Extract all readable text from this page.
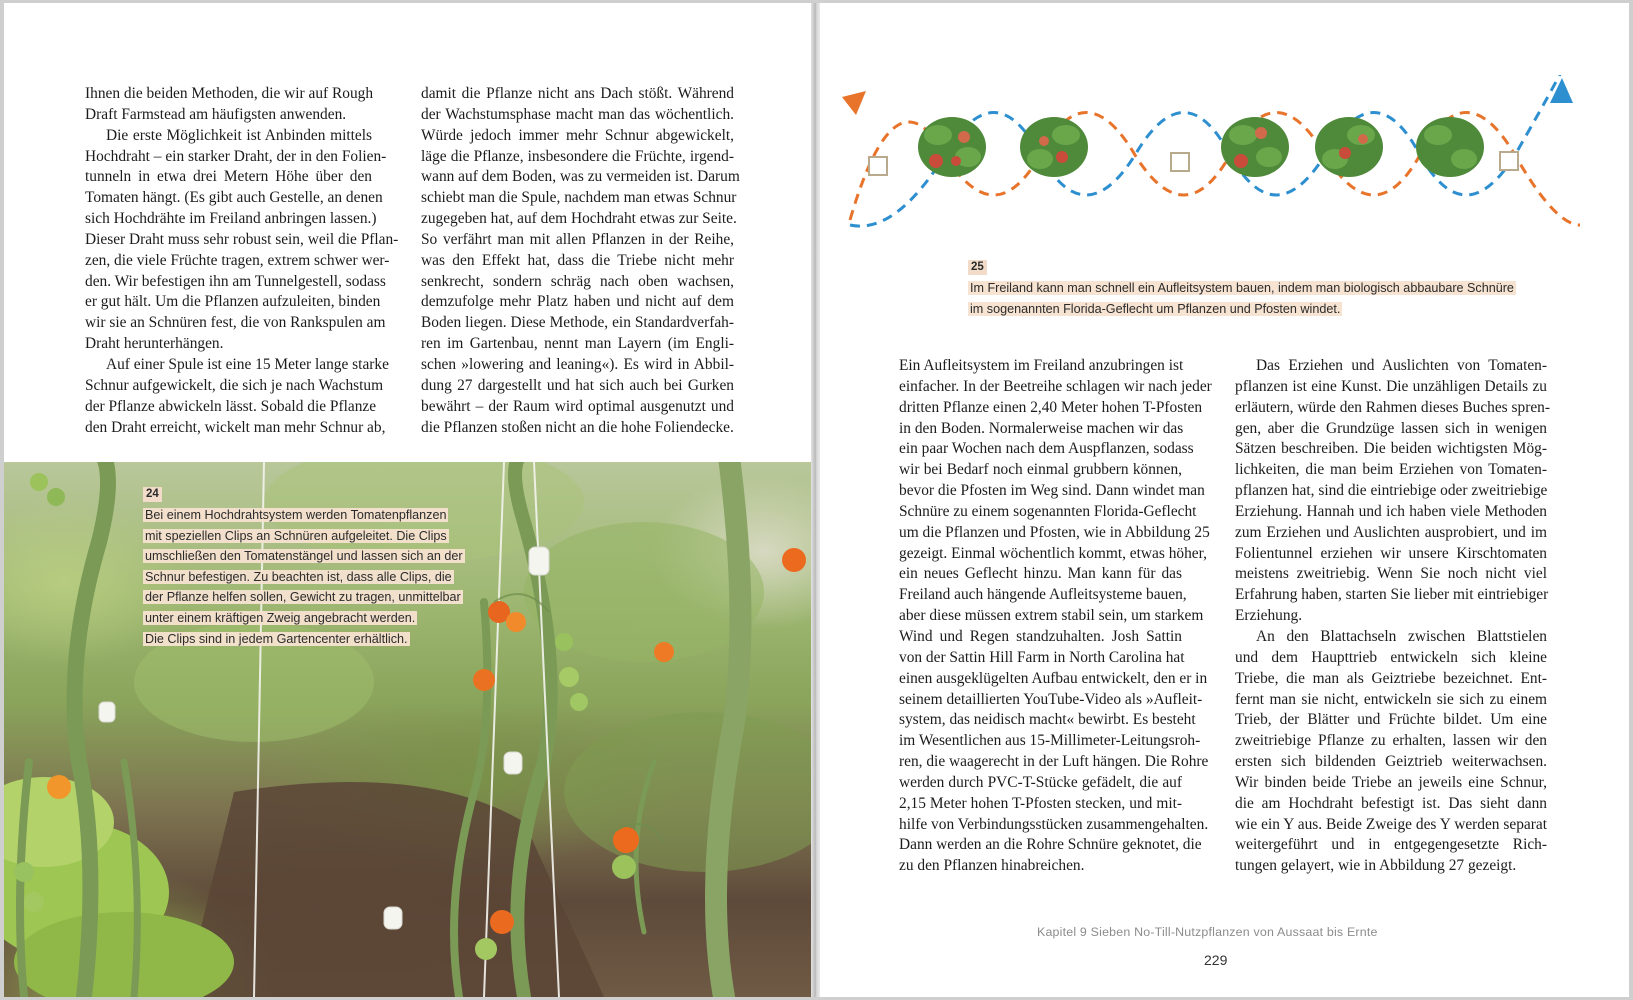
Ihnen die beiden Methoden, die wir auf Rough
Draft Farmstead am häufigsten anwenden.

Die erste Möglichkeit ist Anbinden mittels
Hochdraht – ein starker Draht, der in den Folien-
tunneln in etwa drei Metern Höhe über den
Tomaten hängt. (Es gibt auch Gestelle, an denen
sich Hochdrähte im Freiland anbringen lassen.)
Dieser Draht muss sehr robust sein, weil die Pflan-
zen, die viele Früchte tragen, extrem schwer wer-
den. Wir befestigen ihn am Tunnelgestell, sodass
er gut hält. Um die Pflanzen aufzuleiten, binden
wir sie an Schnüren fest, die von Rankspulen am
Draht herunterhängen.

Auf einer Spule ist eine 15 Meter lange starke
Schnur aufgewickelt, die sich je nach Wachstum
der Pflanze abwickeln lässt. Sobald die Pflanze
den Draht erreicht, wickelt man mehr Schnur ab,

damit die Pflanze nicht ans Dach stößt. Während
der Wachstumsphase macht man das wöchentlich.
Würde jedoch immer mehr Schnur abgewickelt,
läge die Pflanze, insbesondere die Früchte, irgend-
wann auf dem Boden, was zu vermeiden ist. Darum
schiebt man die Spule, nachdem man etwas Schnur
zugegeben hat, auf dem Hochdraht etwas zur Seite.
So verfährt man mit allen Pflanzen in der Reihe,
was den Effekt hat, dass die Triebe nicht mehr
senkrecht, sondern schräg nach oben wachsen,
demzufolge mehr Platz haben und nicht auf dem
Boden liegen. Diese Methode, ein Standardverfah-
ren im Gartenbau, nennt man Layern (im Engli-
schen »lowering and leaning«). Es wird in Abbil-
dung 27 dargestellt und hat sich auch bei Gurken
bewährt – der Raum wird optimal ausgenutzt und
die Pflanzen stoßen nicht an die hohe Foliendecke.

24
Bei einem Hochdrahtsystem werden Tomatenpflanzen
mit speziellen Clips an Schnüren aufgeleitet. Die Clips
umschließen den Tomatenstängel und lassen sich an der
Schnur befestigen. Zu beachten ist, dass alle Clips, die
der Pflanze helfen sollen, Gewicht zu tragen, unmittelbar
unter einem kräftigen Zweig angebracht werden.
Die Clips sind in jedem Gartencenter erhältlich.
25
Im Freiland kann man schnell ein Aufleitsystem bauen, indem man biologisch abbaubare Schnüre
im sogenannten Florida-Geflecht um Pflanzen und Pfosten windet.

Ein Aufleitsystem im Freiland anzubringen ist
einfacher. In der Beetreihe schlagen wir nach jeder
dritten Pflanze einen 2,40 Meter hohen T-Pfosten
in den Boden. Normalerweise machen wir das
ein paar Wochen nach dem Auspflanzen, sodass
wir bei Bedarf noch einmal grubbern können,
bevor die Pfosten im Weg sind. Dann windet man
Schnüre zu einem sogenannten Florida-Geflecht
um die Pflanzen und Pfosten, wie in Abbildung 25
gezeigt. Einmal wöchentlich kommt, etwas höher,
ein neues Geflecht hinzu. Man kann für das
Freiland auch hängende Aufleitsysteme bauen,
aber diese müssen extrem stabil sein, um starkem
Wind und Regen standzuhalten. Josh Sattin
von der Sattin Hill Farm in North Carolina hat
einen ausgeklügelten Aufbau entwickelt, den er in
seinem detaillierten YouTube-Video als »Aufleit-
system, das neidisch macht« bewirbt. Es besteht
im Wesentlichen aus 15-Millimeter-Leitungsroh-
ren, die waagerecht in der Luft hängen. Die Rohre
werden durch PVC-T-Stücke gefädelt, die auf
2,15 Meter hohen T-Pfosten stecken, und mit-
hilfe von Verbindungsstücken zusammengehalten.
Dann werden an die Rohre Schnüre geknotet, die
zu den Pflanzen hinabreichen.

Das Erziehen und Auslichten von Tomaten-
pflanzen ist eine Kunst. Die unzähligen Details zu
erläutern, würde den Rahmen dieses Buches spren-
gen, aber die Grundzüge lassen sich in wenigen
Sätzen beschreiben. Die beiden wichtigsten Mög-
lichkeiten, die man beim Erziehen von Tomaten-
pflanzen hat, sind die eintriebige oder zweitriebige
Erziehung. Hannah und ich haben viele Methoden
zum Erziehen und Auslichten ausprobiert, und im
Folientunnel erziehen wir unsere Kirschtomaten
meistens zweitriebig. Wenn Sie noch nicht viel
Erfahrung haben, starten Sie lieber mit eintriebiger
Erziehung.

An den Blattachseln zwischen Blattstielen
und dem Haupttrieb entwickeln sich kleine
Triebe, die man als Geiztriebe bezeichnet. Ent-
fernt man sie nicht, entwickeln sie sich zu einem
Trieb, der Blätter und Früchte bildet. Um eine
zweitriebige Pflanze zu erhalten, lassen wir den
ersten sich bildenden Geiztrieb weiterwachsen.
Wir binden beide Triebe an jeweils eine Schnur,
die am Hochdraht befestigt ist. Das sieht dann
wie ein Y aus. Beide Zweige des Y werden separat
weitergeführt und in entgegengesetzte Rich-
tungen gelayert, wie in Abbildung 27 gezeigt.

Kapitel 9 Sieben No-Till-Nutzpflanzen von Aussaat bis Ernte
229
